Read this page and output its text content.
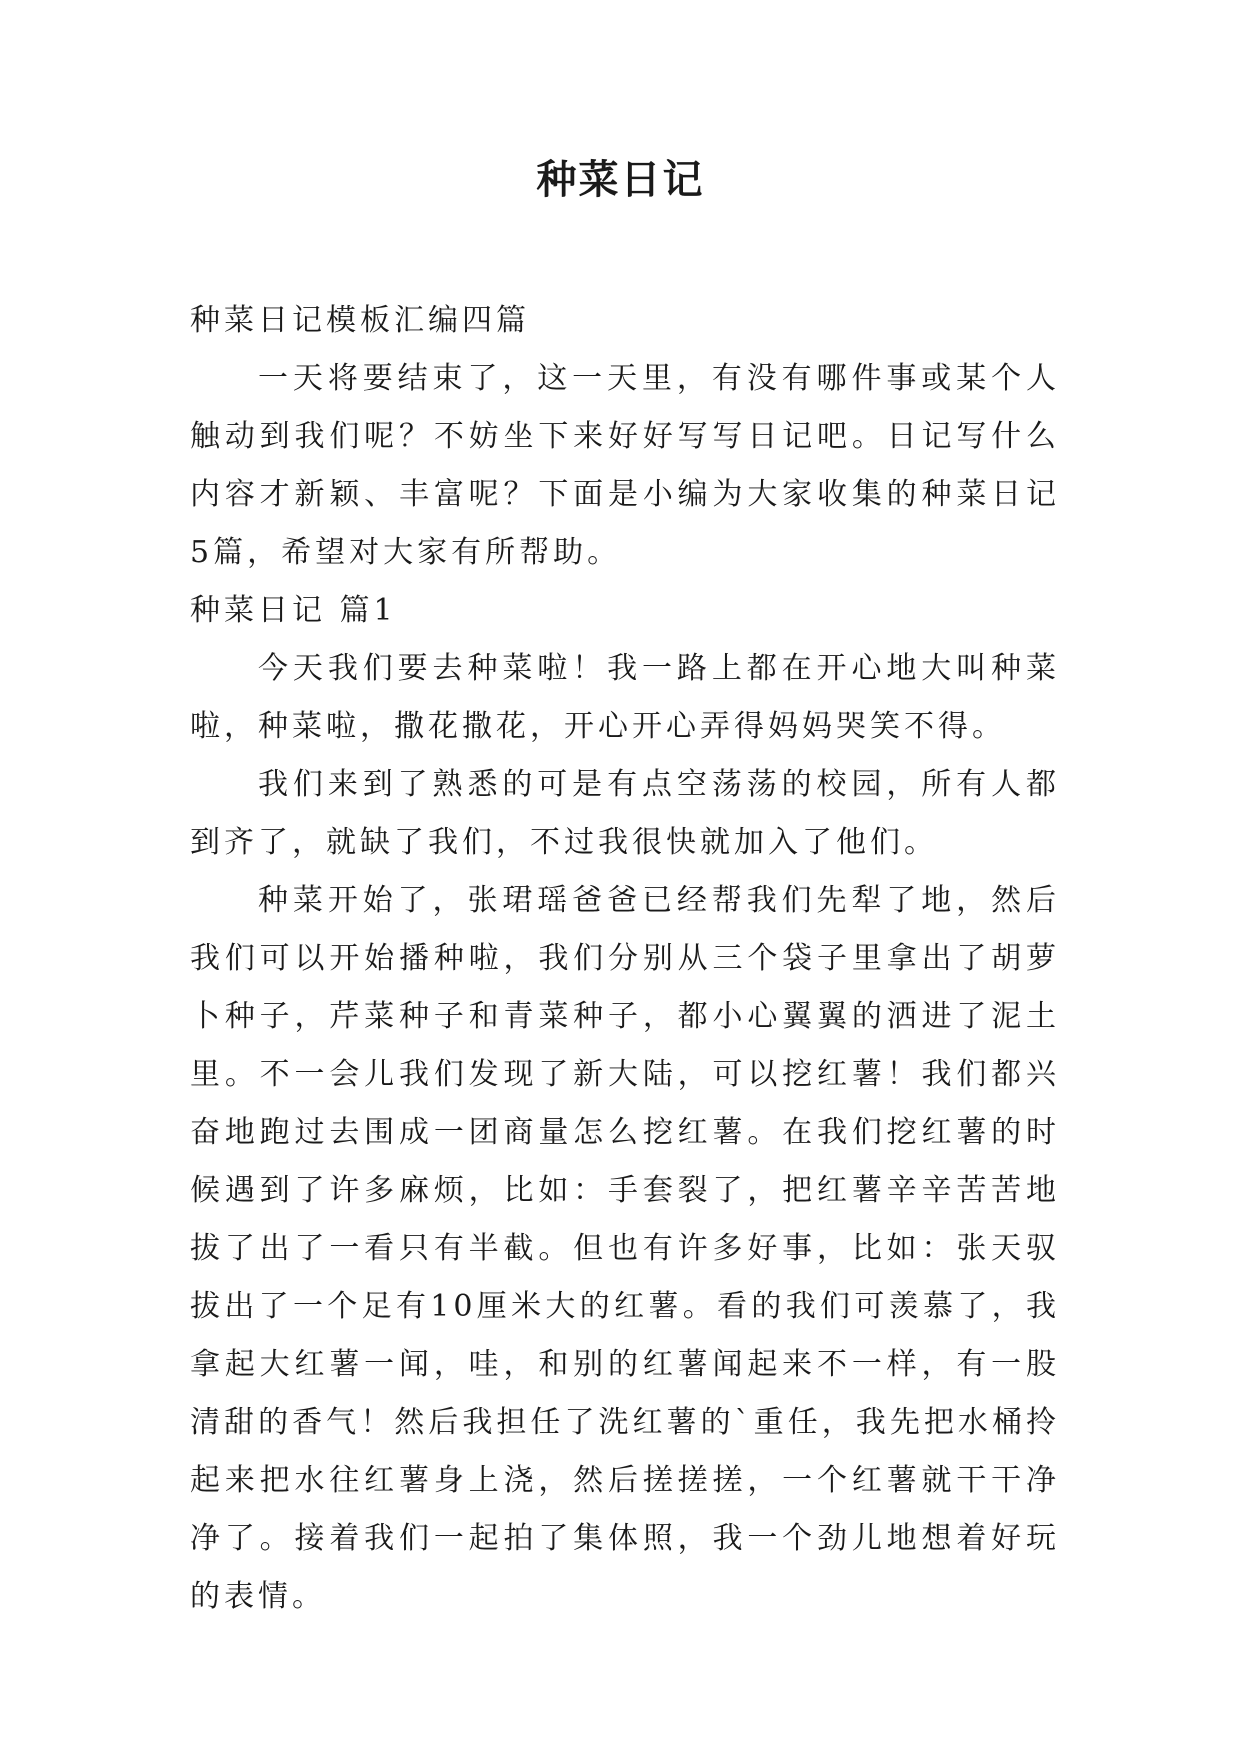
种菜日记

种菜日记模板汇编四篇

一天将要结束了，这一天里，有没有哪件事或某个人触动到我们呢？不妨坐下来好好写写日记吧。日记写什么内容才新颖、丰富呢？下面是小编为大家收集的种菜日记5篇，希望对大家有所帮助。

种菜日记 篇1

今天我们要去种菜啦！我一路上都在开心地大叫种菜啦，种菜啦，撒花撒花，开心开心弄得妈妈哭笑不得。

我们来到了熟悉的可是有点空荡荡的校园，所有人都到齐了，就缺了我们，不过我很快就加入了他们。

种菜开始了，张珺瑶爸爸已经帮我们先犁了地，然后我们可以开始播种啦，我们分别从三个袋子里拿出了胡萝卜种子，芹菜种子和青菜种子，都小心翼翼的洒进了泥土里。不一会儿我们发现了新大陆，可以挖红薯！我们都兴奋地跑过去围成一团商量怎么挖红薯。在我们挖红薯的时候遇到了许多麻烦，比如：手套裂了，把红薯辛辛苦苦地拔了出了一看只有半截。但也有许多好事，比如：张天驭拔出了一个足有10厘米大的红薯。看的我们可羡慕了，我拿起大红薯一闻，哇，和别的红薯闻起来不一样，有一股清甜的香气！然后我担任了洗红薯的`重任，我先把水桶拎起来把水往红薯身上浇，然后搓搓搓，一个红薯就干干净净了。接着我们一起拍了集体照，我一个劲儿地想着好玩的表情。
